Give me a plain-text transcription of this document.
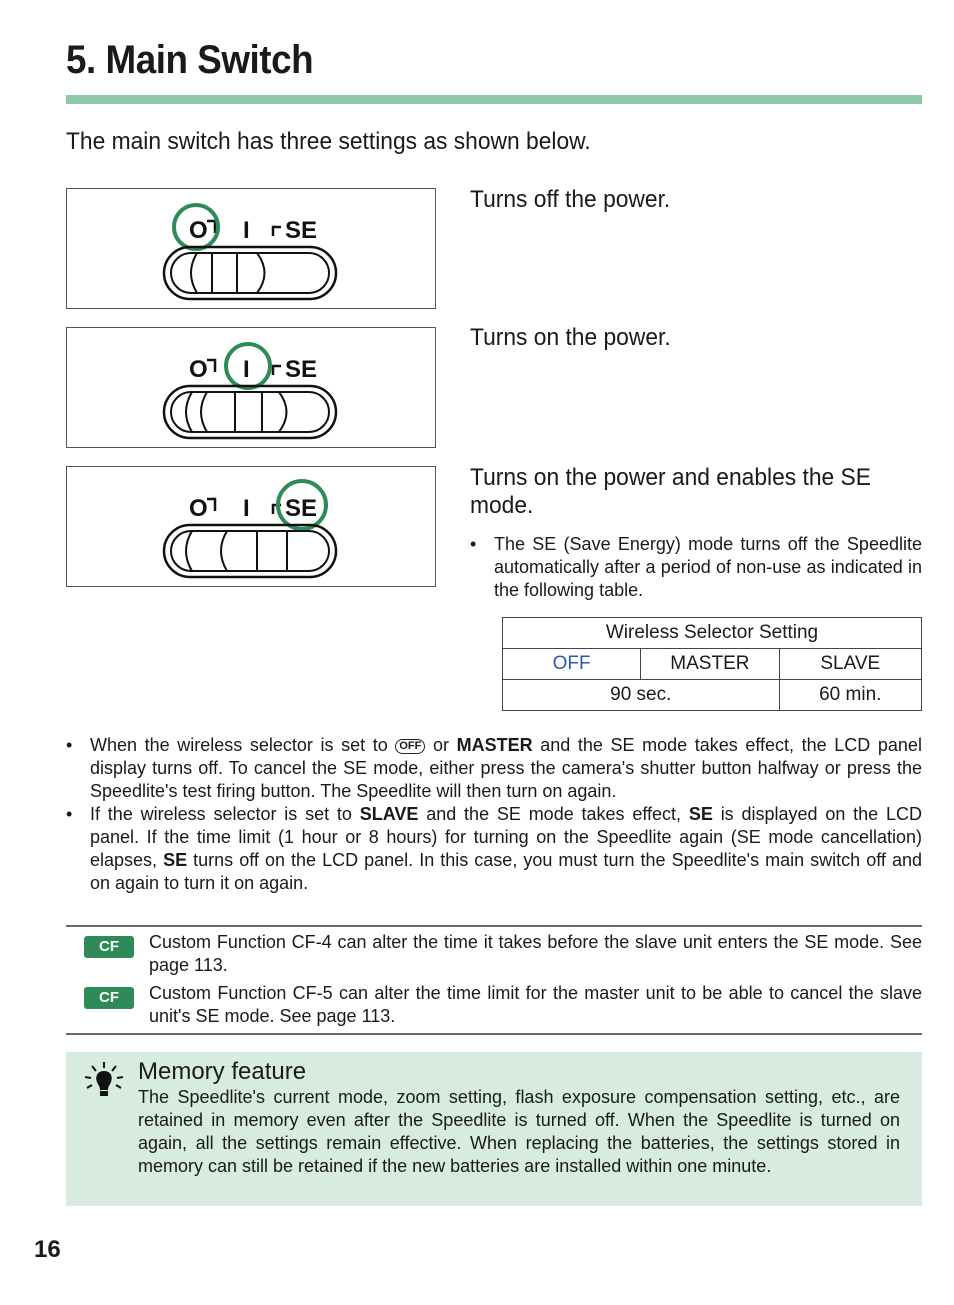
5. Main Switch
The main switch has three settings as shown below.
O I SE
Turns off the power.
O I SE
Turns on the power.
O I SE
Turns on the power and enables the SE mode.
• The SE (Save Energy) mode turns off the Speedlite automatically after a period of non-use as indicated in the following table.
Wireless Selector Setting		
OFF	MASTER	SLAVE
90 sec.		60 min.
• When the wireless selector is set to OFF or MASTER and the SE mode takes effect, the LCD panel display turns off. To cancel the SE mode, either press the camera's shutter button halfway or press the Speedlite's test firing button. The Speedlite will then turn on again.
• If the wireless selector is set to SLAVE and the SE mode takes effect, SE is displayed on the LCD panel. If the time limit (1 hour or 8 hours) for turning on the Speedlite again (SE mode cancellation) elapses, SE turns off on the LCD panel. In this case, you must turn the Speedlite's main switch off and on again to turn it on again.
CF	Custom Function CF-4 can alter the time it takes before the slave unit enters the SE mode. See page 113.
CF	Custom Function CF-5 can alter the time limit for the master unit to be able to cancel the slave unit's SE mode. See page 113.
Memory feature
The Speedlite's current mode, zoom setting, flash exposure compensation setting, etc., are retained in memory even after the Speedlite is turned off. When the Speedlite is turned on again, all the settings remain effective. When replacing the batteries, the settings stored in memory can still be retained if the new batteries are installed within one minute.
16
